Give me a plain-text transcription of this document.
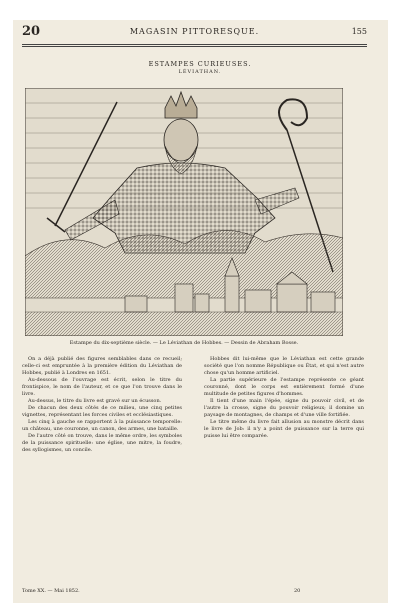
20	MAGASIN PITTORESQUE.	155
ESTAMPES CURIEUSES.
LÉVIATHAN.
Estampe du dix-septième siècle. — Le Léviathan de Hobbes. — Dessin de Abraham Bosse.

On a déjà publié des figures semblables dans ce recueil; celle-ci est empruntée à la première édition du Léviathan de Hobbes, publié à Londres en 1651.

Au-dessous de l'ouvrage est écrit, selon le titre du frontispice, le nom de l'auteur, et ce que l'on trouve dans le livre.

Au-dessus, le titre du livre est gravé sur un écusson.

De chacun des deux côtés de ce milieu, une cinq petites vignettes, représentant les forces civiles et ecclésiastiques.

Les cinq à gauche se rapportent à la puissance temporelle: un château, une couronne, un canon, des armes, une bataille.

De l'autre côté on trouve, dans le même ordre, les symboles de la puissance spirituelle: une église, une mitre, la foudre, des syllogismes, un concile.

Hobbes dit lui-même que le Léviathan est cette grande société que l'on nomme République ou État, et qui n'est autre chose qu'un homme artificiel.

La partie supérieure de l'estampe représente ce géant couronné, dont le corps est entièrement formé d'une multitude de petites figures d'hommes.

Il tient d'une main l'épée, signe du pouvoir civil, et de l'autre la crosse, signe du pouvoir religieux; il domine un paysage de montagnes, de champs et d'une ville fortifiée.

Le titre même du livre fait allusion au monstre décrit dans le livre de Job: il n'y a point de puissance sur la terre qui puisse lui être comparée.

Tome XX. — Mai 1852.	20
